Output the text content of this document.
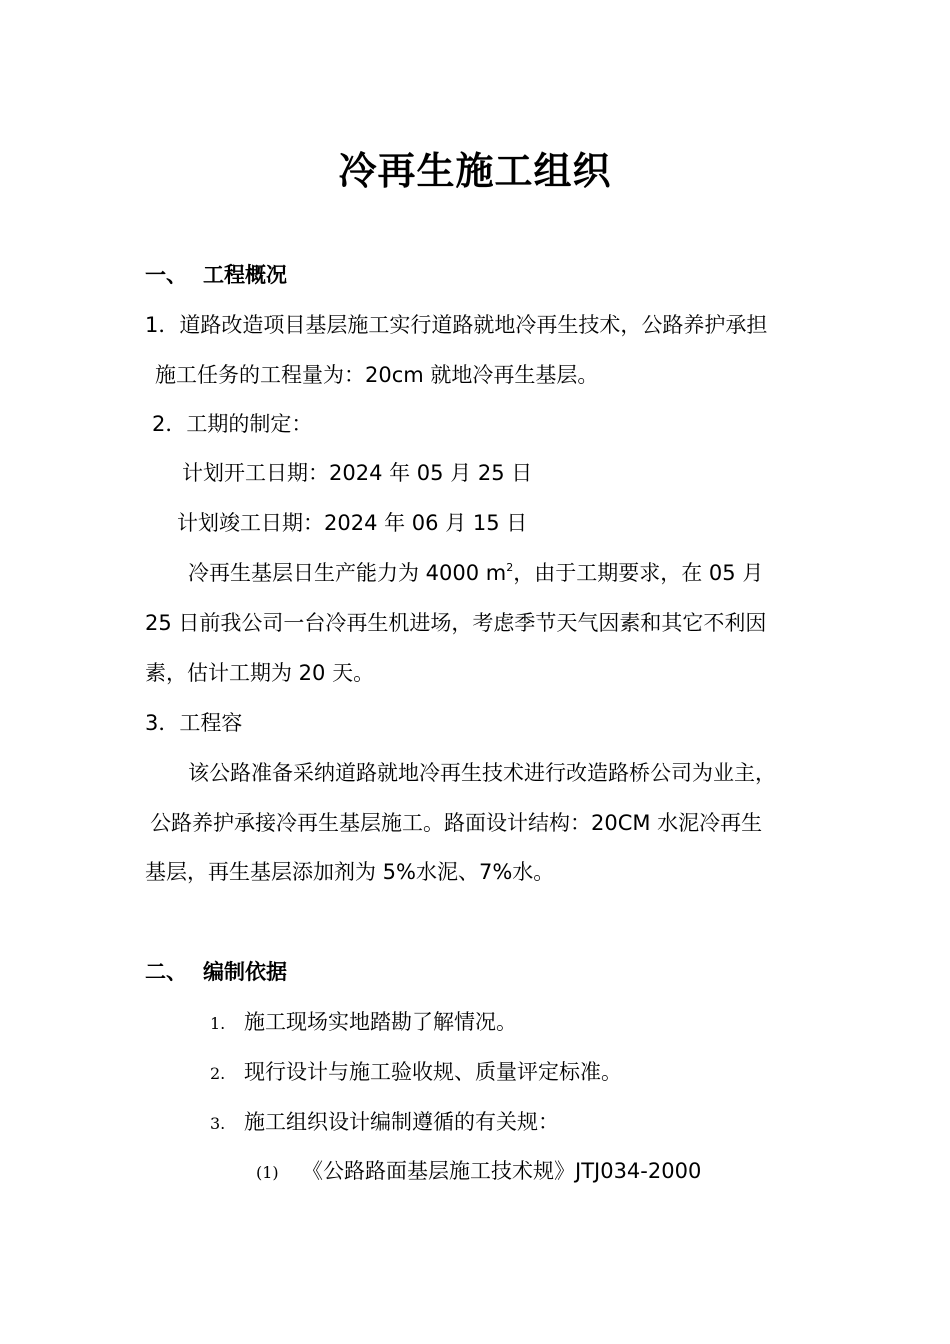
冷再生施工组织
一、 工程概况
1．道路改造项目基层施工实行道路就地冷再生技术，公路养护承担
施工任务的工程量为：20cm 就地冷再生基层。
2．工期的制定：
计划开工日期：2024 年 05 月 25 日
计划竣工日期：2024 年 06 月 15 日
冷再生基层日生产能力为 4000 $m^2$，由于工期要求，在 05 月
25 日前我公司一台冷再生机进场，考虑季节天气因素和其它不利因
素，估计工期为 20 天。
3．工程容
该公路准备采纳道路就地冷再生技术进行改造路桥公司为业主，
公路养护承接冷再生基层施工。路面设计结构：20CM 水泥冷再生
基层，再生基层添加剂为 5%水泥、7%水。
二、 编制依据
1. 施工现场实地踏勘了解情况。
2. 现行设计与施工验收规、质量评定标准。
3. 施工组织设计编制遵循的有关规：
(1) 《公路路面基层施工技术规》JTJ034-2000
